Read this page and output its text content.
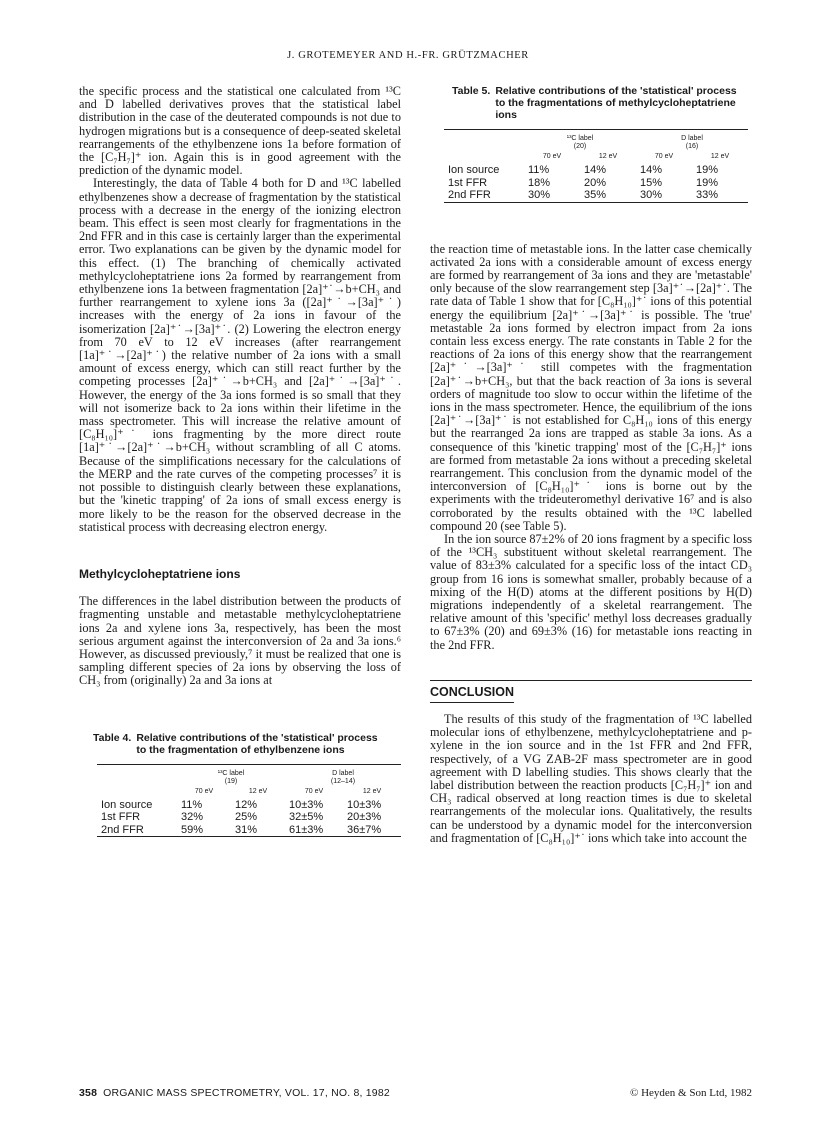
J. GROTEMEYER AND H.-FR. GRÜTZMACHER

the specific process and the statistical one calculated from ¹³C and D labelled derivatives proves that the statistical label distribution in the case of the deuterated compounds is not due to hydrogen migrations but is a consequence of deep-seated skeletal rearrangements of the ethylbenzene ions 1a before formation of the [C₇H₇]⁺ ion. Again this is in good agreement with the prediction of the dynamic model.

Interestingly, the data of Table 4 both for D and ¹³C labelled ethylbenzenes show a decrease of fragmentation by the statistical process with a decrease in the energy of the ionizing electron beam. This effect is seen most clearly for fragmentations in the 2nd FFR and in this case is certainly larger than the experimental error. Two explanations can be given by the dynamic model for this effect. (1) The branching of chemically activated methylcycloheptatriene ions 2a formed by rearrangement from ethylbenzene ions 1a between fragmentation [2a]⁺˙→b+CH₃ and further rearrangement to xylene ions 3a ([2a]⁺˙→[3a]⁺˙) increases with the energy of 2a ions in favour of the isomerization [2a]⁺˙→[3a]⁺˙. (2) Lowering the electron energy from 70 eV to 12 eV increases (after rearrangement [1a]⁺˙→[2a]⁺˙) the relative number of 2a ions with a small amount of excess energy, which can still react further by the competing processes [2a]⁺˙→b+CH₃ and [2a]⁺˙→[3a]⁺˙. However, the energy of the 3a ions formed is so small that they will not isomerize back to 2a ions within their lifetime in the mass spectrometer. This will increase the relative amount of [C₈H₁₀]⁺˙ ions fragmenting by the more direct route [1a]⁺˙→[2a]⁺˙→b+CH₃ without scrambling of all C atoms. Because of the simplifications necessary for the calculations of the MERP and the rate curves of the competing processes⁷ it is not possible to distinguish clearly between these explanations, but the 'kinetic trapping' of 2a ions of small excess energy is more likely to be the reason for the observed decrease in the statistical process with decreasing electron energy.

Methylcycloheptatriene ions

The differences in the label distribution between the products of fragmenting unstable and metastable methylcycloheptatriene ions 2a and xylene ions 3a, respectively, has been the most serious argument against the interconversion of 2a and 3a ions.⁶ However, as discussed previously,⁷ it must be realized that one is sampling different species of 2a ions by observing the loss of CH₃ from (originally) 2a and 3a ions at

Table 4. Relative contributions of the 'statistical' process to the fragmentation of ethylbenzene ions
	¹³C label
(19)		D label
(12–14)	
	70 eV	12 eV	70 eV	12 eV
Ion source	11%	12%	10±3%	10±3%
1st FFR	32%	25%	32±5%	20±3%
2nd FFR	59%	31%	61±3%	36±7%
Table 5. Relative contributions of the 'statistical' process to the fragmentations of methylcycloheptatriene ions
	¹³C label
(20)		D label
(16)	
	70 eV	12 eV	70 eV	12 eV
Ion source	11%	14%	14%	19%
1st FFR	18%	20%	15%	19%
2nd FFR	30%	35%	30%	33%

the reaction time of metastable ions. In the latter case chemically activated 2a ions with a considerable amount of excess energy are formed by rearrangement of 3a ions and they are 'metastable' only because of the slow rearrangement step [3a]⁺˙→[2a]⁺˙. The rate data of Table 1 show that for [C₈H₁₀]⁺˙ ions of this potential energy the equilibrium [2a]⁺˙→[3a]⁺˙ is possible. The 'true' metastable 2a ions formed by electron impact from 2a ions contain less excess energy. The rate constants in Table 2 for the reactions of 2a ions of this energy show that the rearrangement [2a]⁺˙→[3a]⁺˙ still competes with the fragmentation [2a]⁺˙→b+CH₃, but that the back reaction of 3a ions is several orders of magnitude too slow to occur within the lifetime of the ions in the mass spectrometer. Hence, the equilibrium of the ions [2a]⁺˙→[3a]⁺˙ is not established for C₈H₁₀ ions of this energy but the rearranged 2a ions are trapped as stable 3a ions. As a consequence of this 'kinetic trapping' most of the [C₇H₇]⁺ ions are formed from metastable 2a ions without a preceding skeletal rearrangement. This conclusion from the dynamic model of the interconversion of [C₈H₁₀]⁺˙ ions is borne out by the experiments with the trideuteromethyl derivative 16⁷ and is also corroborated by the results obtained with the ¹³C labelled compound 20 (see Table 5).

In the ion source 87±2% of 20 ions fragment by a specific loss of the ¹³CH₃ substituent without skeletal rearrangement. The value of 83±3% calculated for a specific loss of the intact CD₃ group from 16 ions is somewhat smaller, probably because of a mixing of the H(D) atoms at the different positions by H(D) migrations independently of a skeletal rearrangement. The relative amount of this 'specific' methyl loss decreases gradually to 67±3% (20) and 69±3% (16) for metastable ions reacting in the 2nd FFR.

CONCLUSION

The results of this study of the fragmentation of ¹³C labelled molecular ions of ethylbenzene, methylcycloheptatriene and p-xylene in the ion source and in the 1st FFR and 2nd FFR, respectively, of a VG ZAB-2F mass spectrometer are in good agreement with D labelling studies. This shows clearly that the label distribution between the reaction products [C₇H₇]⁺ ion and CH₃ radical observed at long reaction times is due to skeletal rearrangements of the molecular ions. Qualitatively, the results can be understood by a dynamic model for the interconversion and fragmentation of [C₈H₁₀]⁺˙ ions which take into account the

358 ORGANIC MASS SPECTROMETRY, VOL. 17, NO. 8, 1982	© Heyden & Son Ltd, 1982
